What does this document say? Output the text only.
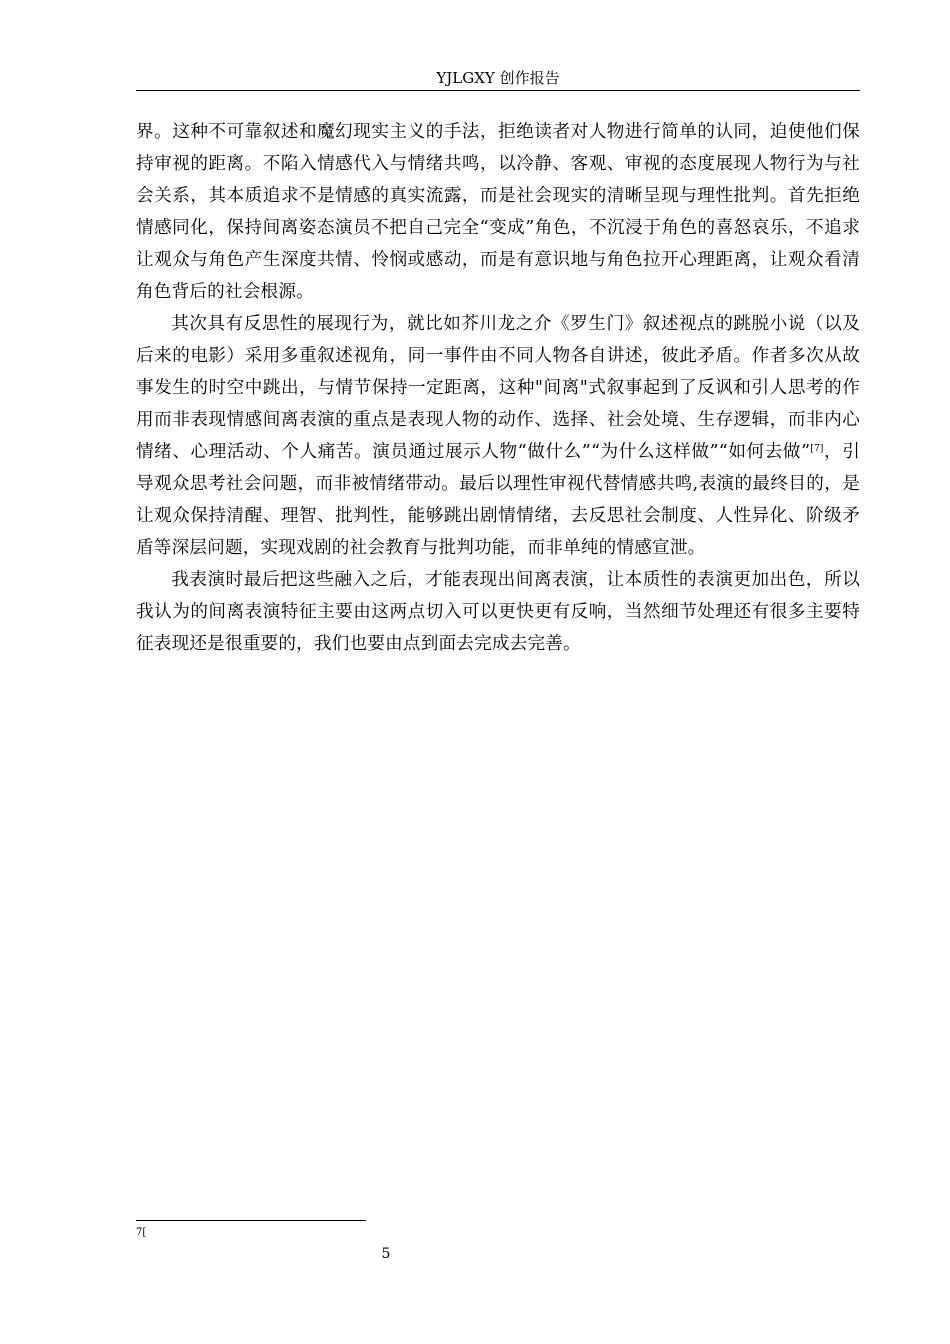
YJLGXY 创作报告

界。这种不可靠叙述和魔幻现实主义的手法，拒绝读者对人物进行简单的认同，迫使他们保持审视的距离。不陷入情感代入与情绪共鸣，以冷静、客观、审视的态度展现人物行为与社会关系，其本质追求不是情感的真实流露，而是社会现实的清晰呈现与理性批判。首先拒绝情感同化，保持间离姿态演员不把自己完全“变成”角色，不沉浸于角色的喜怒哀乐，不追求让观众与角色产生深度共情、怜悯或感动，而是有意识地与角色拉开心理距离，让观众看清角色背后的社会根源。

其次具有反思性的展现行为，就比如芥川龙之介《罗生门》叙述视点的跳脱小说（以及后来的电影）采用多重叙述视角，同一事件由不同人物各自讲述，彼此矛盾。作者多次从故事发生的时空中跳出，与情节保持一定距离，这种"间离"式叙事起到了反讽和引人思考的作用而非表现情感间离表演的重点是表现人物的动作、选择、社会处境、生存逻辑，而非内心情绪、心理活动、个人痛苦。演员通过展示人物“做什么”“为什么这样做”“如何去做”[7]，引导观众思考社会问题，而非被情绪带动。最后以理性审视代替情感共鸣,表演的最终目的，是让观众保持清醒、理智、批判性，能够跳出剧情情绪，去反思社会制度、人性异化、阶级矛盾等深层问题，实现戏剧的社会教育与批判功能，而非单纯的情感宣泄。

我表演时最后把这些融入之后，才能表现出间离表演，让本质性的表演更加出色，所以我认为的间离表演特征主要由这两点切入可以更快更有反响，当然细节处理还有很多主要特征表现还是很重要的，我们也要由点到面去完成去完善。

7[
5
